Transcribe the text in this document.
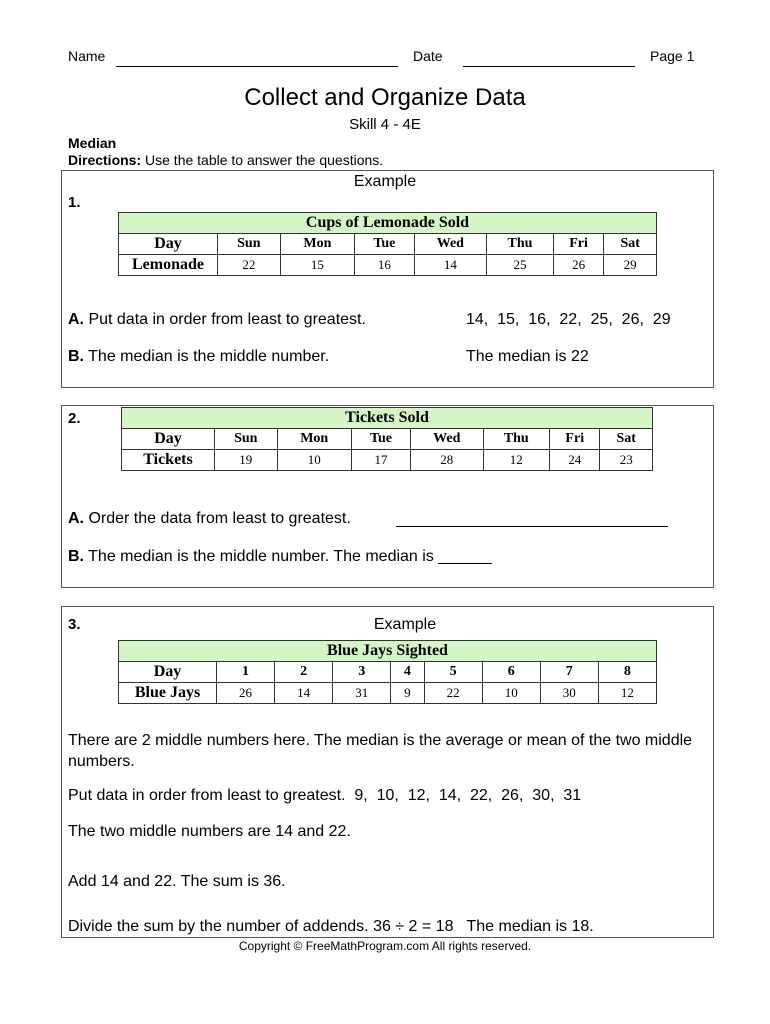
Name	Date	Page 1
Collect and Organize Data
Skill 4 - 4E
Median
Directions: Use the table to answer the questions.
Example
1.
Cups of Lemonade Sold							
Day	Sun	Mon	Tue	Wed	Thu	Fri	Sat
Lemonade	22	15	16	14	25	26	29
A. Put data in order from least to greatest.	14,  15,  16,  22,  25,  26,  29
B. The median is the middle number.	The median is 22
2.	Tickets Sold							
Day	Sun	Mon	Tue	Wed	Thu	Fri	Sat
Tickets	19	10	17	28	12	24	23
A. Order the data from least to greatest.
B. The median is the middle number. The median is ______
3.	Example
Blue Jays Sighted								
Day	1	2	3	4	5	6	7	8
Blue Jays	26	14	31	9	22	10	30	12
There are 2 middle numbers here. The median is the average or mean of the two middle numbers.
Put data in order from least to greatest.  9,  10,  12,  14,  22,  26,  30,  31
The two middle numbers are 14 and 22.
Add 14 and 22. The sum is 36.
Divide the sum by the number of addends. 36 ÷ 2 = 18   The median is 18.
Copyright © FreeMathProgram.com All rights reserved.
